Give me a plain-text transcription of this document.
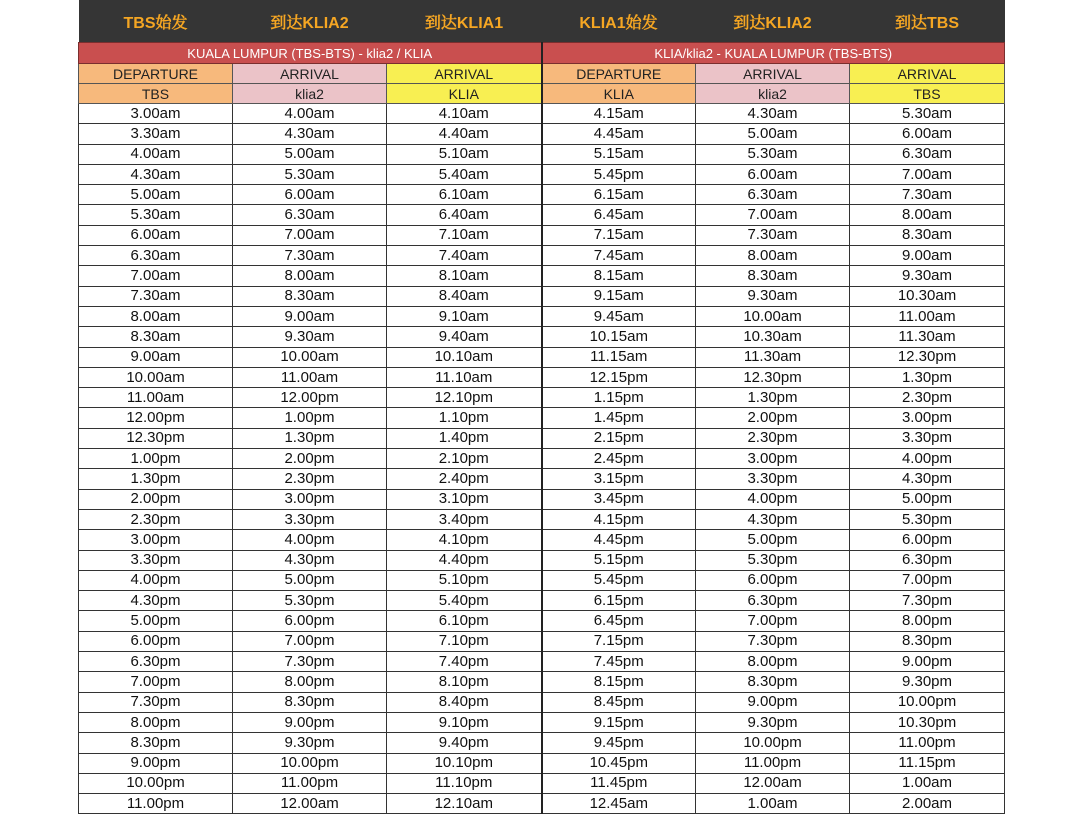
TBS始发	到达KLIA2	到达KLIA1	KLIA1始发	到达KLIA2	到达TBS
KUALA LUMPUR (TBS-BTS) - klia2 / KLIA			KLIA/klia2 - KUALA LUMPUR (TBS-BTS)		
DEPARTURE	ARRIVAL	ARRIVAL	DEPARTURE	ARRIVAL	ARRIVAL
TBS	klia2	KLIA	KLIA	klia2	TBS
3.00am	4.00am	4.10am	4.15am	4.30am	5.30am
3.30am	4.30am	4.40am	4.45am	5.00am	6.00am
4.00am	5.00am	5.10am	5.15am	5.30am	6.30am
4.30am	5.30am	5.40am	5.45pm	6.00am	7.00am
5.00am	6.00am	6.10am	6.15am	6.30am	7.30am
5.30am	6.30am	6.40am	6.45am	7.00am	8.00am
6.00am	7.00am	7.10am	7.15am	7.30am	8.30am
6.30am	7.30am	7.40am	7.45am	8.00am	9.00am
7.00am	8.00am	8.10am	8.15am	8.30am	9.30am
7.30am	8.30am	8.40am	9.15am	9.30am	10.30am
8.00am	9.00am	9.10am	9.45am	10.00am	11.00am
8.30am	9.30am	9.40am	10.15am	10.30am	11.30am
9.00am	10.00am	10.10am	11.15am	11.30am	12.30pm
10.00am	11.00am	11.10am	12.15pm	12.30pm	1.30pm
11.00am	12.00pm	12.10pm	1.15pm	1.30pm	2.30pm
12.00pm	1.00pm	1.10pm	1.45pm	2.00pm	3.00pm
12.30pm	1.30pm	1.40pm	2.15pm	2.30pm	3.30pm
1.00pm	2.00pm	2.10pm	2.45pm	3.00pm	4.00pm
1.30pm	2.30pm	2.40pm	3.15pm	3.30pm	4.30pm
2.00pm	3.00pm	3.10pm	3.45pm	4.00pm	5.00pm
2.30pm	3.30pm	3.40pm	4.15pm	4.30pm	5.30pm
3.00pm	4.00pm	4.10pm	4.45pm	5.00pm	6.00pm
3.30pm	4.30pm	4.40pm	5.15pm	5.30pm	6.30pm
4.00pm	5.00pm	5.10pm	5.45pm	6.00pm	7.00pm
4.30pm	5.30pm	5.40pm	6.15pm	6.30pm	7.30pm
5.00pm	6.00pm	6.10pm	6.45pm	7.00pm	8.00pm
6.00pm	7.00pm	7.10pm	7.15pm	7.30pm	8.30pm
6.30pm	7.30pm	7.40pm	7.45pm	8.00pm	9.00pm
7.00pm	8.00pm	8.10pm	8.15pm	8.30pm	9.30pm
7.30pm	8.30pm	8.40pm	8.45pm	9.00pm	10.00pm
8.00pm	9.00pm	9.10pm	9.15pm	9.30pm	10.30pm
8.30pm	9.30pm	9.40pm	9.45pm	10.00pm	11.00pm
9.00pm	10.00pm	10.10pm	10.45pm	11.00pm	11.15pm
10.00pm	11.00pm	11.10pm	11.45pm	12.00am	1.00am
11.00pm	12.00am	12.10am	12.45am	1.00am	2.00am
